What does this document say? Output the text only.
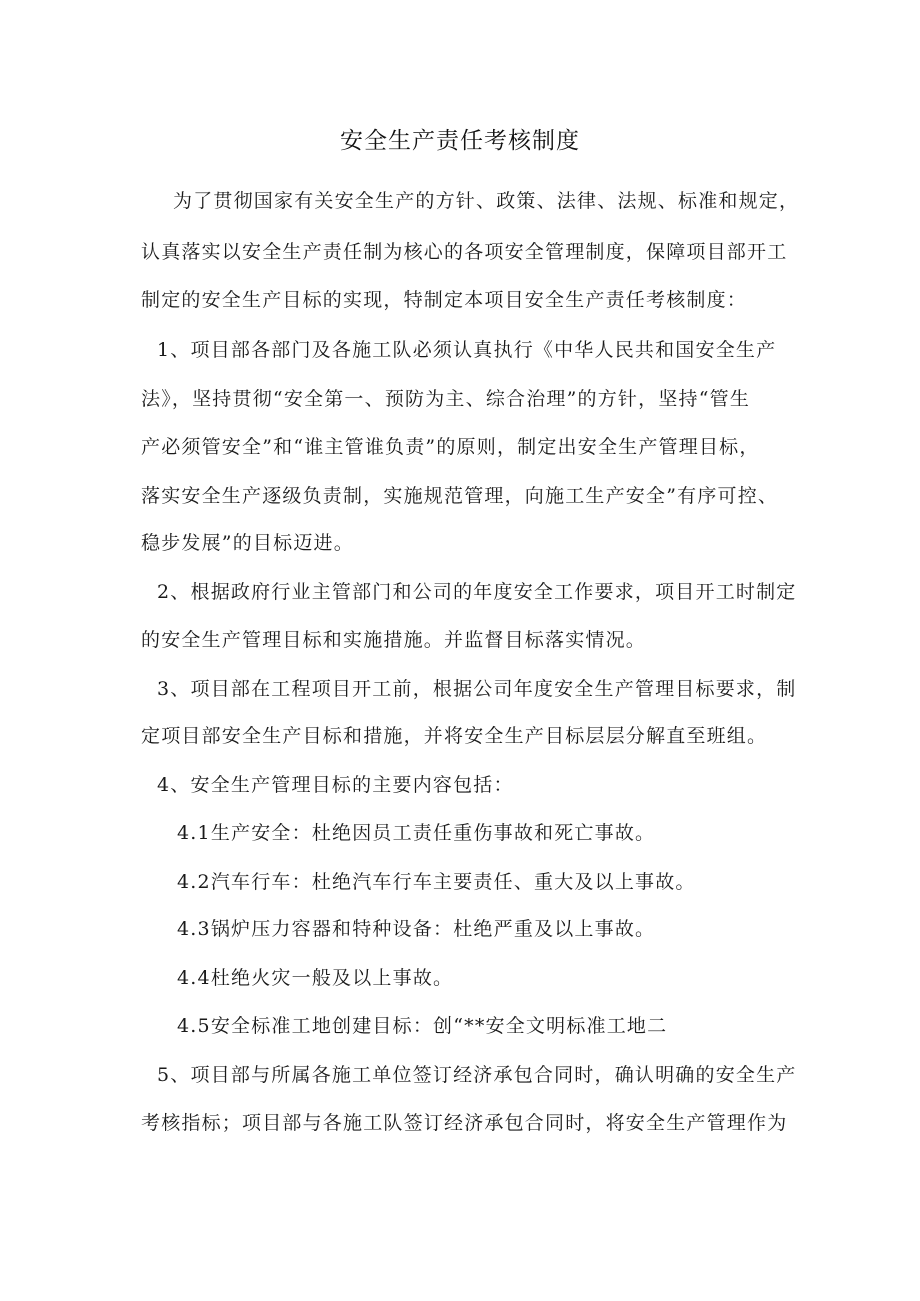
安全生产责任考核制度
为了贯彻国家有关安全生产的方针、政策、法律、法规、标准和规定，
认真落实以安全生产责任制为核心的各项安全管理制度，保障项目部开工
制定的安全生产目标的实现，特制定本项目安全生产责任考核制度：
1、项目部各部门及各施工队必须认真执行《中华人民共和国安全生产
法》，坚持贯彻“安全第一、预防为主、综合治理”的方针，坚持“管生
产必须管安全”和“谁主管谁负责”的原则，制定出安全生产管理目标，
落实安全生产逐级负责制，实施规范管理，向施工生产安全”有序可控、
稳步发展”的目标迈进。
2、根据政府行业主管部门和公司的年度安全工作要求，项目开工时制定
的安全生产管理目标和实施措施。并监督目标落实情况。
3、项目部在工程项目开工前，根据公司年度安全生产管理目标要求，制
定项目部安全生产目标和措施，并将安全生产目标层层分解直至班组。
4、安全生产管理目标的主要内容包括：
4.1生产安全：杜绝因员工责任重伤事故和死亡事故。
4.2汽车行车：杜绝汽车行车主要责任、重大及以上事故。
4.3锅炉压力容器和特种设备：杜绝严重及以上事故。
4.4杜绝火灾一般及以上事故。
4.5安全标准工地创建目标：创“**安全文明标准工地二
5、项目部与所属各施工单位签订经济承包合同时，确认明确的安全生产
考核指标；项目部与各施工队签订经济承包合同时，将安全生产管理作为
